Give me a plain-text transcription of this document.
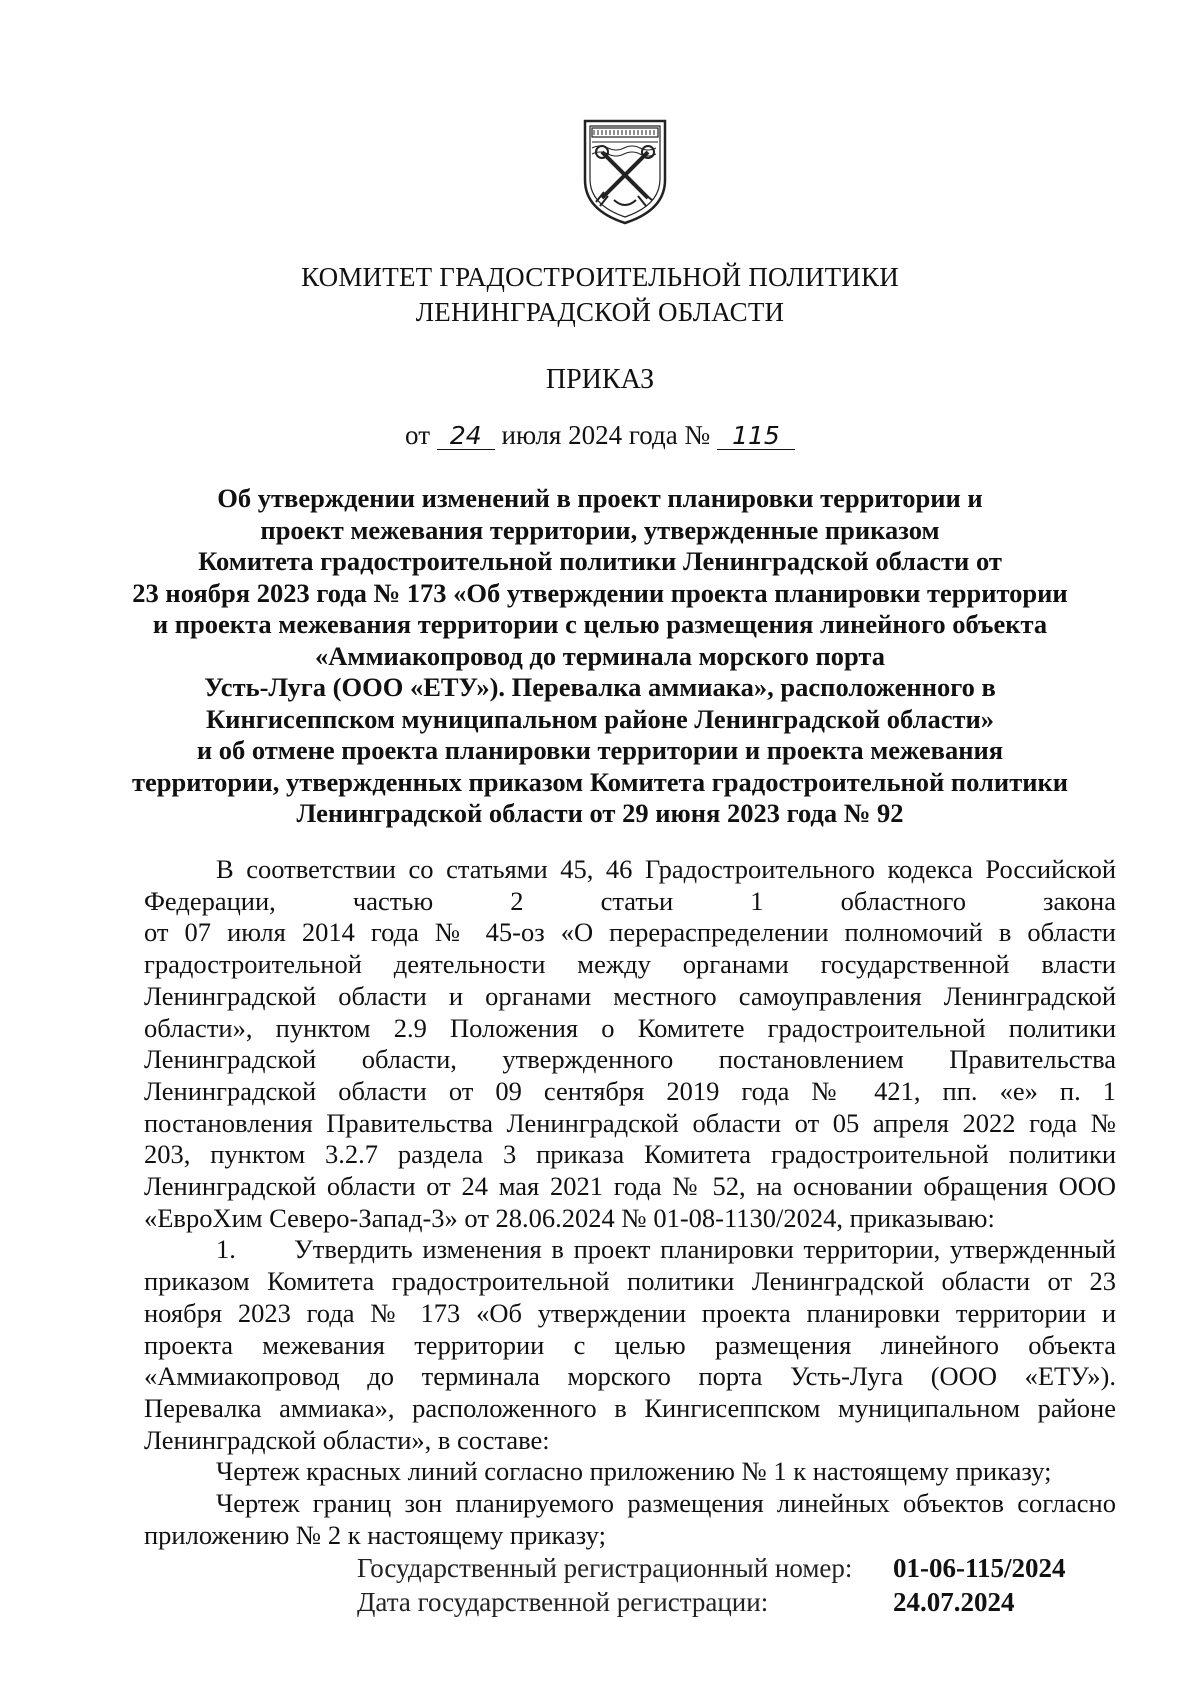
КОМИТЕТ ГРАДОСТРОИТЕЛЬНОЙ ПОЛИТИКИ
ЛЕНИНГРАДСКОЙ ОБЛАСТИ
ПРИКАЗ
от 24 июля 2024 года № 115
Об утверждении изменений в проект планировки территории и
проект межевания территории, утвержденные приказом
Комитета градостроительной политики Ленинградской области от
23 ноября 2023 года № 173 «Об утверждении проекта планировки территории
и проекта межевания территории с целью размещения линейного объекта
«Аммиакопровод до терминала морского порта
Усть-Луга (ООО «ЕТУ»). Перевалка аммиака», расположенного в
Кингисеппском муниципальном районе Ленинградской области»
и об отмене проекта планировки территории и проекта межевания
территории, утвержденных приказом Комитета градостроительной политики
Ленинградской области от 29 июня 2023 года № 92
В соответствии со статьями 45, 46 Градостроительного кодекса Российской
Федерации, частью 2 статьи 1 областного закона
от 07 июля 2014 года № 45-оз «О перераспределении полномочий в области
градостроительной деятельности между органами государственной власти
Ленинградской области и органами местного самоуправления Ленинградской
области», пунктом 2.9 Положения о Комитете градостроительной политики
Ленинградской области, утвержденного постановлением Правительства
Ленинградской области от 09 сентября 2019 года № 421, пп. «е» п. 1
постановления Правительства Ленинградской области от 05 апреля 2022 года №
203, пунктом 3.2.7 раздела 3 приказа Комитета градостроительной политики
Ленинградской области от 24 мая 2021 года № 52, на основании обращения ООО
«ЕвроХим Северо-Запад-3» от 28.06.2024 № 01-08-1130/2024, приказываю:
1.      Утвердить изменения в проект планировки территории, утвержденный
приказом Комитета градостроительной политики Ленинградской области от 23
ноября 2023 года № 173 «Об утверждении проекта планировки территории и
проекта межевания территории с целью размещения линейного объекта
«Аммиакопровод до терминала морского порта Усть-Луга (ООО «ЕТУ»).
Перевалка аммиака», расположенного в Кингисеппском муниципальном районе
Ленинградской области», в составе:
Чертеж красных линий согласно приложению № 1 к настоящему приказу;
Чертеж границ зон планируемого размещения линейных объектов согласно
приложению № 2 к настоящему приказу;
Государственный регистрационный номер: 01-06-115/2024
Дата государственной регистрации:	24.07.2024
